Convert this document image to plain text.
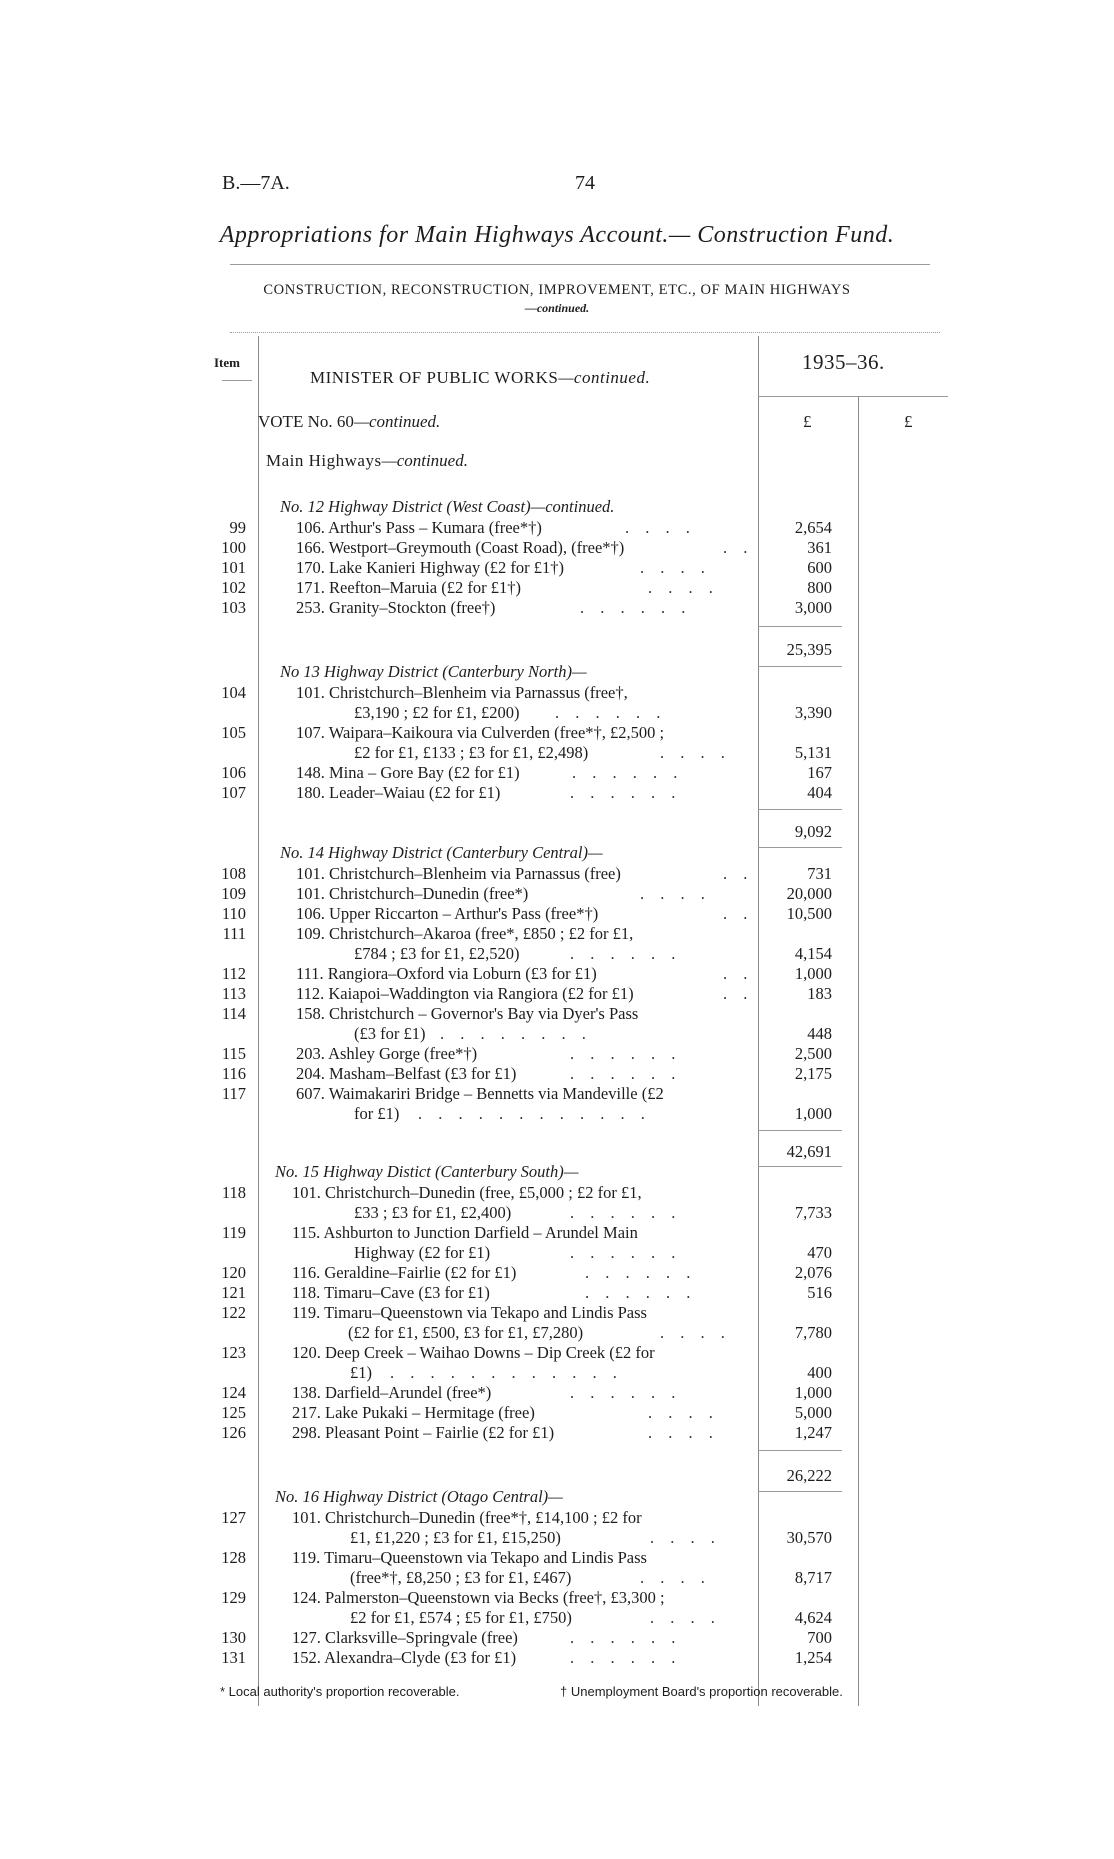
B.—7A.	74
Appropriations for Main Highways Account.— Construction Fund.
CONSTRUCTION, RECONSTRUCTION, IMPROVEMENT, ETC., OF MAIN HIGHWAYS
—continued.
Item	1935–36.
MINISTER OF PUBLIC WORKS—continued.
VOTE No. 60—continued.	£	£
Main Highways—continued.
No. 12 Highway District (West Coast)—continued.
99	106. Arthur's Pass – Kumara (free*†)	. . . .	2,654
100	166. Westport–Greymouth (Coast Road), (free*†)	. .	361
101	170. Lake Kanieri Highway (£2 for £1†)	. . . .	600
102	171. Reefton–Maruia (£2 for £1†)	. . . .	800
103	253. Granity–Stockton (free†)	. . . . . .	3,000
25,395
No 13 Highway District (Canterbury North)—
104	101. Christchurch–Blenheim via Parnassus (free†,
£3,190 ; £2 for £1, £200) . . . . . .	3,390
105	107. Waipara–Kaikoura via Culverden (free*†, £2,500 ;
£2 for £1, £133 ; £3 for £1, £2,498)	. . . .	5,131
106	148. Mina – Gore Bay (£2 for £1)	. . . . . .	167
107	180. Leader–Waiau (£2 for £1)	. . . . . .	404
9,092
No. 14 Highway District (Canterbury Central)—
108	101. Christchurch–Blenheim via Parnassus (free)	. .	731
109	101. Christchurch–Dunedin (free*)	. . . .	20,000
110	106. Upper Riccarton – Arthur's Pass (free*†)	. .	10,500
111	109. Christchurch–Akaroa (free*, £850 ; £2 for £1,
£784 ; £3 for £1, £2,520)	. . . . . .	4,154
112	111. Rangiora–Oxford via Loburn (£3 for £1)	. .	1,000
113	112. Kaiapoi–Waddington via Rangiora (£2 for £1)	. .	183
114	158. Christchurch – Governor's Bay via Dyer's Pass
(£3 for £1) . . . . . . . .	448
115	203. Ashley Gorge (free*†)	. . . . . .	2,500
116	204. Masham–Belfast (£3 for £1)	. . . . . .	2,175
117	607. Waimakariri Bridge – Bennetts via Mandeville (£2
for £1) . . . . . . . . . . . .	1,000
42,691
No. 15 Highway Distict (Canterbury South)—
118	101. Christchurch–Dunedin (free, £5,000 ; £2 for £1,
£33 ; £3 for £1, £2,400)	. . . . . .	7,733
119	115. Ashburton to Junction Darfield – Arundel Main
Highway (£2 for £1)	. . . . . .	470
120	116. Geraldine–Fairlie (£2 for £1)	. . . . . .	2,076
121	118. Timaru–Cave (£3 for £1)	. . . . . .	516
122	119. Timaru–Queenstown via Tekapo and Lindis Pass
(£2 for £1, £500, £3 for £1, £7,280)	. . . .	7,780
123	120. Deep Creek – Waihao Downs – Dip Creek (£2 for
£1) . . . . . . . . . . . .	400
124	138. Darfield–Arundel (free*)	. . . . . .	1,000
125	217. Lake Pukaki – Hermitage (free)	. . . .	5,000
126	298. Pleasant Point – Fairlie (£2 for £1)	. . . .	1,247
26,222
No. 16 Highway District (Otago Central)—
127	101. Christchurch–Dunedin (free*†, £14,100 ; £2 for
£1, £1,220 ; £3 for £1, £15,250)	. . . .	30,570
128	119. Timaru–Queenstown via Tekapo and Lindis Pass
(free*†, £8,250 ; £3 for £1, £467)	. . . .	8,717
129	124. Palmerston–Queenstown via Becks (free†, £3,300 ;
£2 for £1, £574 ; £5 for £1, £750)	. . . .	4,624
130	127. Clarksville–Springvale (free)	. . . . . .	700
131	152. Alexandra–Clyde (£3 for £1)	. . . . . .	1,254
* Local authority's proportion recoverable.	† Unemployment Board's proportion recoverable.
